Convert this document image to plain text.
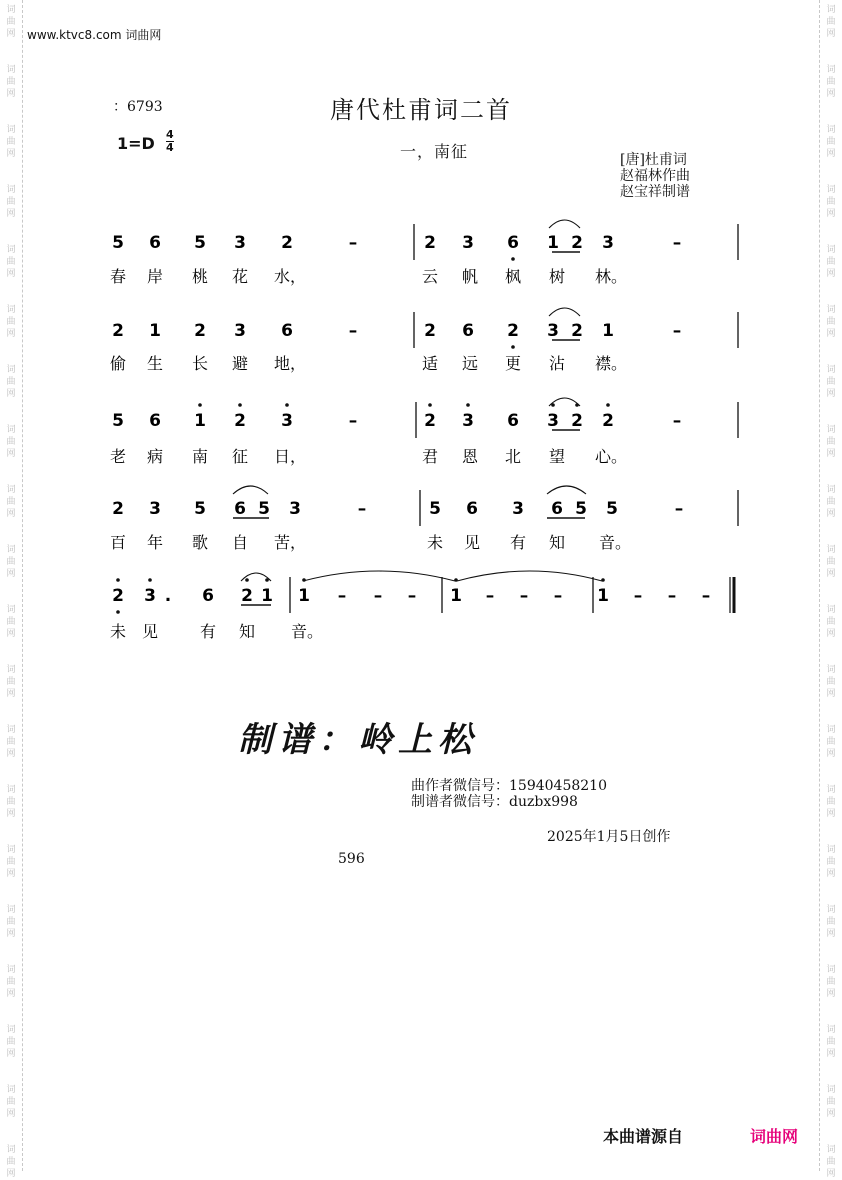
词曲网
词曲网
词曲网
词曲网
词曲网
词曲网
词曲网
词曲网
词曲网
词曲网
词曲网
词曲网
词曲网
词曲网
词曲网
词曲网
词曲网
词曲网
词曲网
词曲网
词曲网
词曲网
词曲网
词曲网
词曲网
词曲网
词曲网
词曲网
词曲网
词曲网
词曲网
词曲网
词曲网
词曲网
词曲网
词曲网
词曲网
词曲网
词曲网
词曲网
www.ktvc8.com 词曲网
：6793	唐代杜甫词二首
1=D 4
4	一，南征	[唐]杜甫词
赵福林作曲
赵宝祥制谱
5 6 5 3 2	–	2 3 6 1 2 3	–
春 岸 桃 花 水，	云 帆 枫 树 林。
2 1 2 3 6	–	2 6 2 3 2 1	–
偷 生 长 避 地，	适 远 更 沾 襟。
5 6 1 2 3	–	2 3 6 3 2 2	–
老 病 南 征 日，	君 恩 北 望 心。
2 3 5 6 5 3	–	5 6 3 6 5 5	–
百 年 歌 自 苦，	未 见 有 知 音。
2 3 . 6 2 1 1 – – – 1 – – – 1 – – –
未 见	有 知 音。
制谱：岭上松
曲作者微信号：15940458210
制谱者微信号：duzbx998
2025年1月5日创作
596
本曲谱源自	词曲网
